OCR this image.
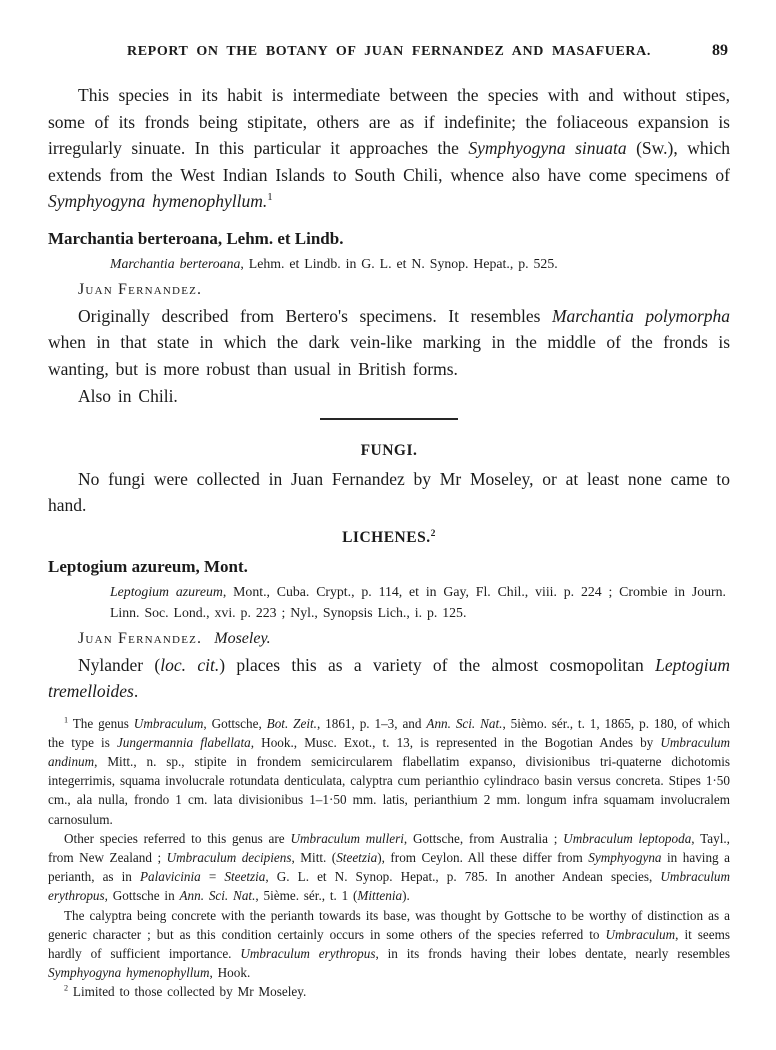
REPORT ON THE BOTANY OF JUAN FERNANDEZ AND MASAFUERA.	89

This species in its habit is intermediate between the species with and without stipes, some of its fronds being stipitate, others are as if indefinite; the foliaceous expansion is irregularly sinuate. In this particular it approaches the Symphyogyna sinuata (Sw.), which extends from the West Indian Islands to South Chili, whence also have come specimens of Symphyogyna hymenophyllum.$^1$

Marchantia berteroana, Lehm. et Lindb.

Marchantia berteroana, Lehm. et Lindb. in G. L. et N. Synop. Hepat., p. 525.

Juan Fernandez.

Originally described from Bertero's specimens. It resembles Marchantia polymorpha when in that state in which the dark vein-like marking in the middle of the fronds is wanting, but is more robust than usual in British forms.

Also in Chili.

FUNGI.

No fungi were collected in Juan Fernandez by Mr Moseley, or at least none came to hand.

LICHENES.$^2$
Leptogium azureum, Mont.

Leptogium azureum, Mont., Cuba. Crypt., p. 114, et in Gay, Fl. Chil., viii. p. 224 ; Crombie in Journ. Linn. Soc. Lond., xvi. p. 223 ; Nyl., Synopsis Lich., i. p. 125.

Juan Fernandez. Moseley.

Nylander (loc. cit.) places this as a variety of the almost cosmopolitan Leptogium tremelloides.

$^1$ The genus Umbraculum, Gottsche, Bot. Zeit., 1861, p. 1–3, and Ann. Sci. Nat., 5ièmo. sér., t. 1, 1865, p. 180, of which the type is Jungermannia flabellata, Hook., Musc. Exot., t. 13, is represented in the Bogotian Andes by Umbraculum andinum, Mitt., n. sp., stipite in frondem semicircularem flabellatim expanso, divisionibus tri-quaterne dichotomis integerrimis, squama involucrale rotundata denticulata, calyptra cum perianthio cylindraco basin versus concreta. Stipes 1·50 cm., ala nulla, frondo 1 cm. lata divisionibus 1–1·50 mm. latis, perianthium 2 mm. longum infra squamam involucralem carnosulum.

Other species referred to this genus are Umbraculum mulleri, Gottsche, from Australia ; Umbraculum leptopoda, Tayl., from New Zealand ; Umbraculum decipiens, Mitt. (Steetzia), from Ceylon. All these differ from Symphyogyna in having a perianth, as in Palavicinia = Steetzia, G. L. et N. Synop. Hepat., p. 785. In another Andean species, Umbraculum erythropus, Gottsche in Ann. Sci. Nat., 5ième. sér., t. 1 (Mittenia).

The calyptra being concrete with the perianth towards its base, was thought by Gottsche to be worthy of distinction as a generic character ; but as this condition certainly occurs in some others of the species referred to Umbraculum, it seems hardly of sufficient importance. Umbraculum erythropus, in its fronds having their lobes dentate, nearly resembles Symphyogyna hymenophyllum, Hook.

$^2$ Limited to those collected by Mr Moseley.
